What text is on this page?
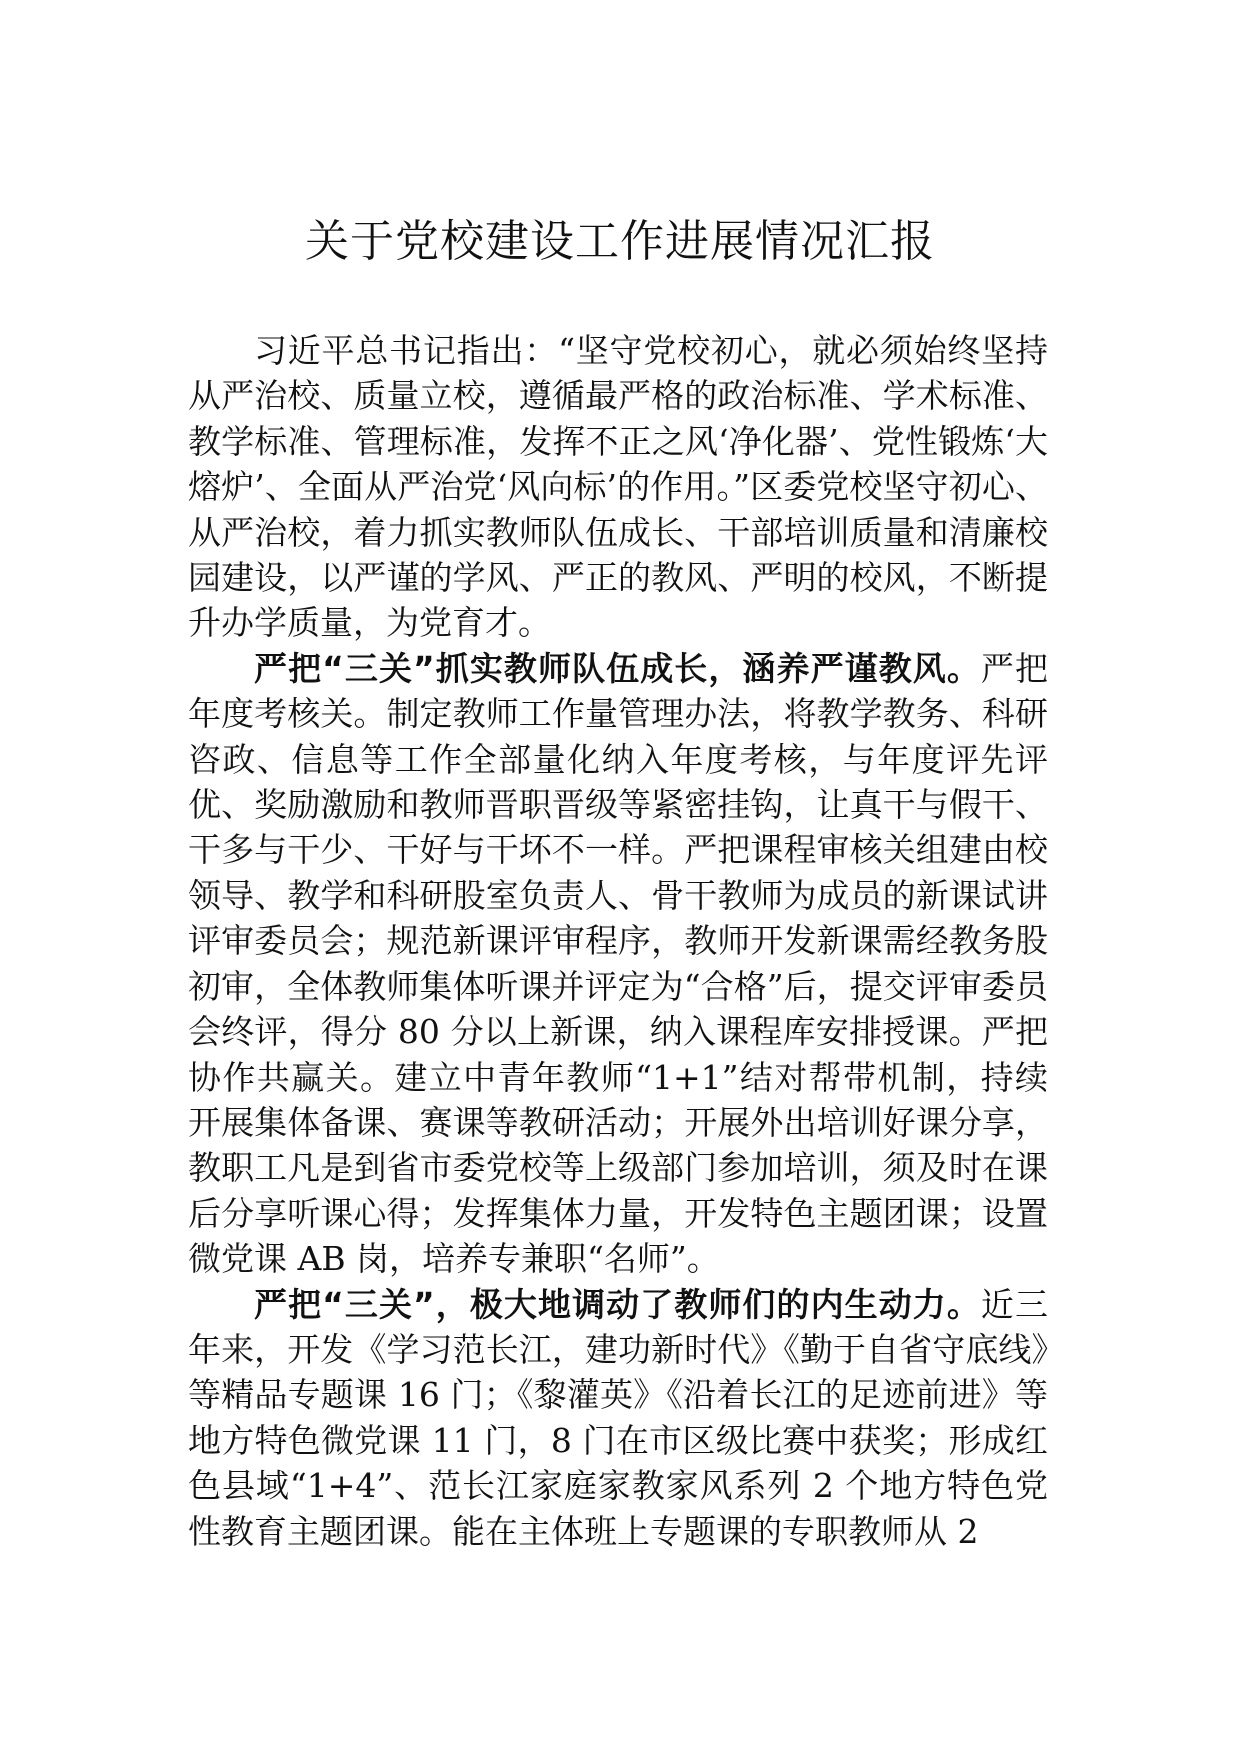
关于党校建设工作进展情况汇报

习近平总书记指出：“坚守党校初心，就必须始终坚持从严治校、质量立校，遵循最严格的政治标准、学术标准、教学标准、管理标准，发挥不正之风‘净化器’、党性锻炼‘大熔炉’、全面从严治党‘风向标’的作用。”区委党校坚守初心、从严治校，着力抓实教师队伍成长、干部培训质量和清廉校园建设，以严谨的学风、严正的教风、严明的校风，不断提升办学质量，为党育才。

严把“三关”抓实教师队伍成长，涵养严谨教风。严把年度考核关。制定教师工作量管理办法，将教学教务、科研咨政、信息等工作全部量化纳入年度考核，与年度评先评优、奖励激励和教师晋职晋级等紧密挂钩，让真干与假干、干多与干少、干好与干坏不一样。严把课程审核关组建由校领导、教学和科研股室负责人、骨干教师为成员的新课试讲评审委员会；规范新课评审程序，教师开发新课需经教务股初审，全体教师集体听课并评定为“合格”后，提交评审委员会终评，得分 80 分以上新课，纳入课程库安排授课。严把协作共赢关。建立中青年教师“1+1”结对帮带机制，持续开展集体备课、赛课等教研活动；开展外出培训好课分享，教职工凡是到省市委党校等上级部门参加培训，须及时在课后分享听课心得；发挥集体力量，开发特色主题团课；设置微党课 AB 岗，培养专兼职“名师”。

严把“三关”，极大地调动了教师们的内生动力。近三年来，开发《学习范长江，建功新时代》《勤于自省守底线》等精品专题课 16 门；《黎灌英》《沿着长江的足迹前进》等地方特色微党课 11 门，8 门在市区级比赛中获奖；形成红色县域“1+4”、范长江家庭家教家风系列 2 个地方特色党性教育主题团课。能在主体班上专题课的专职教师从 2
